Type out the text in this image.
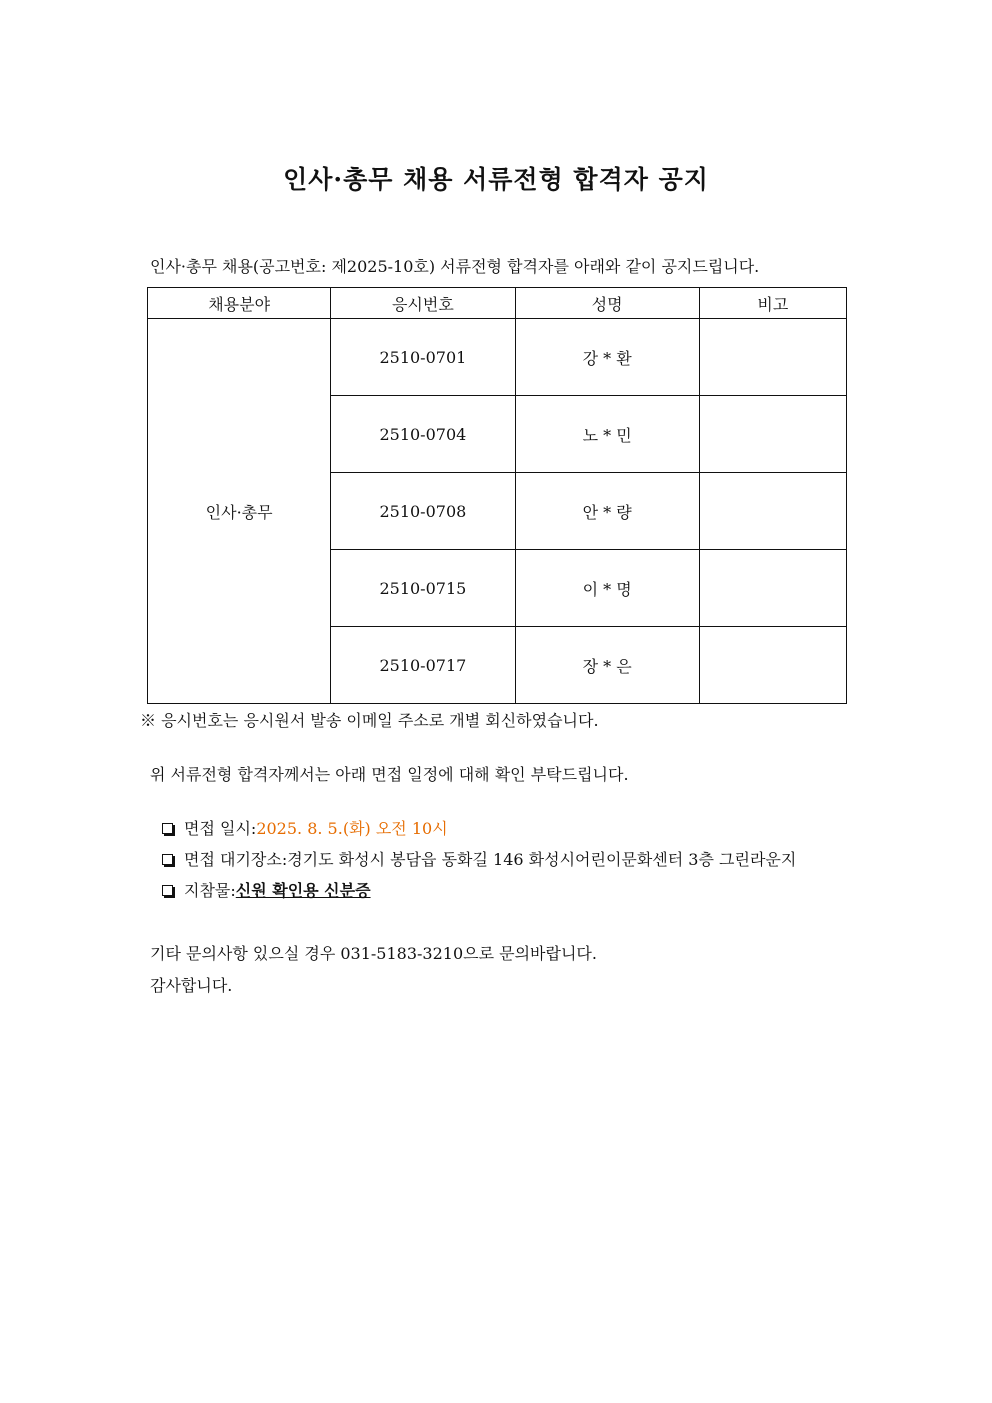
인사·총무 채용 서류전형 합격자 공지

인사·총무 채용(공고번호: 제2025-10호) 서류전형 합격자를 아래와 같이 공지드립니다.

채용분야	응시번호	성명	비고
인사·총무	2510-0701	강 * 환	
	2510-0704	노 * 민	
	2510-0708	안 * 량	
	2510-0715	이 * 명	
	2510-0717	장 * 은	

※ 응시번호는 응시원서 발송 이메일 주소로 개별 회신하였습니다.

위 서류전형 합격자께서는 아래 면접 일정에 대해 확인 부탁드립니다.

면접 일시: 2025. 8. 5.(화) 오전 10시
면접 대기장소: 경기도 화성시 봉담읍 동화길 146 화성시어린이문화센터 3층 그린라운지
지참물: 신원 확인용 신분증

기타 문의사항 있으실 경우 031-5183-3210으로 문의바랍니다.

감사합니다.
